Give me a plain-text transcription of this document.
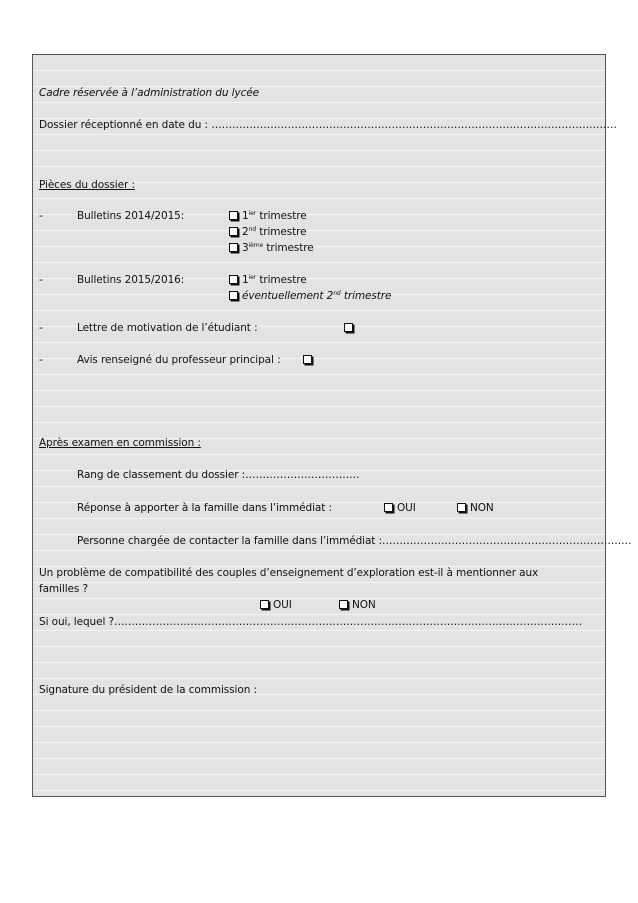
Cadre réservée à l’administration du lycée
Dossier réceptionné en date du : ………………………………………………………………………………………………………
Pièces du dossier :
-	Bulletins 2014/2015:	$1^{ier}$ trimestre
2nd trimestre
3ième trimestre
-	Bulletins 2015/2016:	$1^{ier}$ trimestre
éventuellement 2nd trimestre
-	Lettre de motivation de l’étudiant :
-	Avis renseigné du professeur principal :
Après examen en commission :
Rang de classement du dossier :……………………………
Réponse à apporter à la famille dans l’immédiat :	OUI	NON
Personne chargée de contacter la famille dans l’immédiat :………………………………………………………………
Un problème de compatibilité des couples d’enseignement d’exploration est-il à mentionner aux
familles ?
OUI	NON
Si oui, lequel ?………………………………………………………………………………………………………………………
Signature du président de la commission :
